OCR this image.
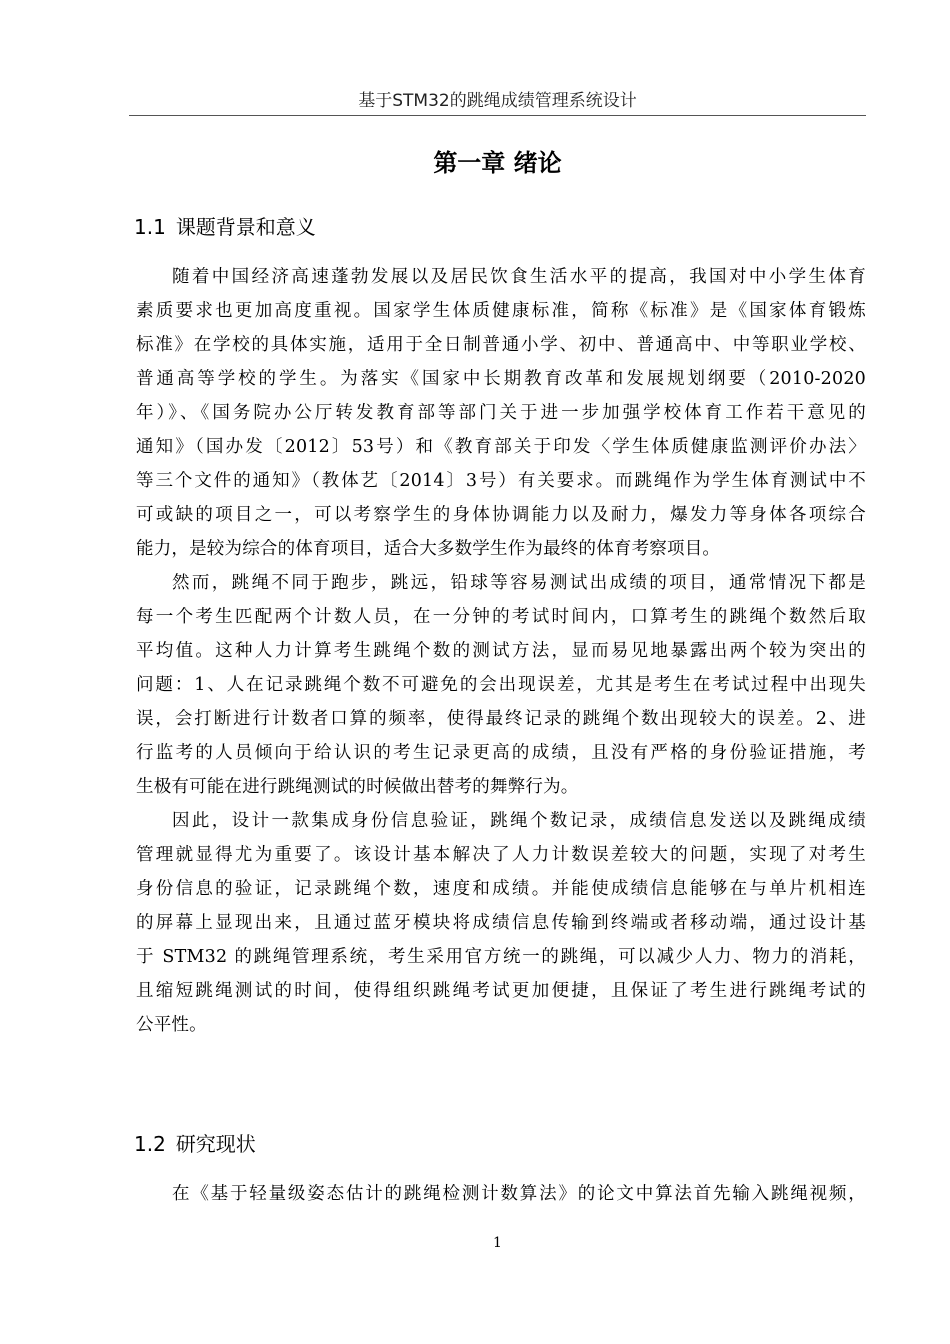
基于STM32的跳绳成绩管理系统设计
第一章 绪论
1.1 课题背景和意义
随着中国经济高速蓬勃发展以及居民饮食生活水平的提高，我国对中小学生体育
素质要求也更加高度重视。国家学生体质健康标准，简称《标准》是《国家体育锻炼
标准》在学校的具体实施，适用于全日制普通小学、初中、普通高中、中等职业学校、
普通高等学校的学生。为落实《国家中长期教育改革和发展规划纲要（2010-2020
年）》、《国务院办公厅转发教育部等部门关于进一步加强学校体育工作若干意见的
通知》（国办发〔2012〕53号）和《教育部关于印发〈学生体质健康监测评价办法〉
等三个文件的通知》（教体艺〔2014〕3号）有关要求。而跳绳作为学生体育测试中不
可或缺的项目之一，可以考察学生的身体协调能力以及耐力，爆发力等身体各项综合
能力，是较为综合的体育项目，适合大多数学生作为最终的体育考察项目。
然而，跳绳不同于跑步，跳远，铅球等容易测试出成绩的项目，通常情况下都是
每一个考生匹配两个计数人员，在一分钟的考试时间内，口算考生的跳绳个数然后取
平均值。这种人力计算考生跳绳个数的测试方法，显而易见地暴露出两个较为突出的
问题：1、人在记录跳绳个数不可避免的会出现误差，尤其是考生在考试过程中出现失
误，会打断进行计数者口算的频率，使得最终记录的跳绳个数出现较大的误差。2、进
行监考的人员倾向于给认识的考生记录更高的成绩，且没有严格的身份验证措施，考
生极有可能在进行跳绳测试的时候做出替考的舞弊行为。
因此，设计一款集成身份信息验证，跳绳个数记录，成绩信息发送以及跳绳成绩
管理就显得尤为重要了。该设计基本解决了人力计数误差较大的问题，实现了对考生
身份信息的验证，记录跳绳个数，速度和成绩。并能使成绩信息能够在与单片机相连
的屏幕上显现出来，且通过蓝牙模块将成绩信息传输到终端或者移动端，通过设计基
于 STM32 的跳绳管理系统，考生采用官方统一的跳绳，可以减少人力、物力的消耗，
且缩短跳绳测试的时间，使得组织跳绳考试更加便捷，且保证了考生进行跳绳考试的
公平性。
1.2 研究现状
在《基于轻量级姿态估计的跳绳检测计数算法》的论文中算法首先输入跳绳视频，
1
